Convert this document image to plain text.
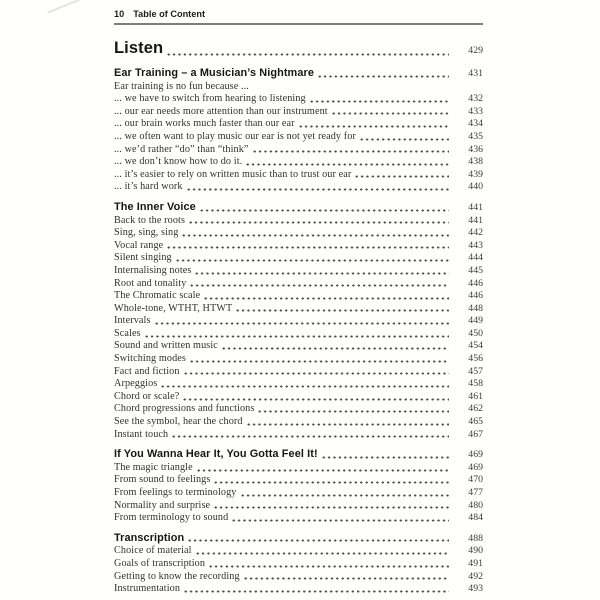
10 Table of Content
Listen	429
Ear Training – a Musician’s Nightmare	431
Ear training is no fun because ...
... we have to switch from hearing to listening	432
... our ear needs more attention than our instrument	433
... our brain works much faster than our ear	434
... we often want to play music our ear is not yet ready for	435
... we’d rather “do” than “think”	436
... we don’t know how to do it.	438
... it’s easier to rely on written music than to trust our ear	439
... it’s hard work	440
The Inner Voice	441
Back to the roots	441
Sing, sing, sing	442
Vocal range	443
Silent singing	444
Internalising notes	445
Root and tonality	446
The Chromatic scale	446
Whole-tone, WTHT, HTWT	448
Intervals	449
Scales	450
Sound and written music	454
Switching modes	456
Fact and fiction	457
Arpeggios	458
Chord or scale?	461
Chord progressions and functions	462
See the symbol, hear the chord	465
Instant touch	467
If You Wanna Hear It, You Gotta Feel It!	469
The magic triangle	469
From sound to feelings	470
From feelings to terminology	477
Normality and surprise	480
From terminology to sound	484
Transcription	488
Choice of material	490
Goals of transcription	491
Getting to know the recording	492
Instrumentation	493
